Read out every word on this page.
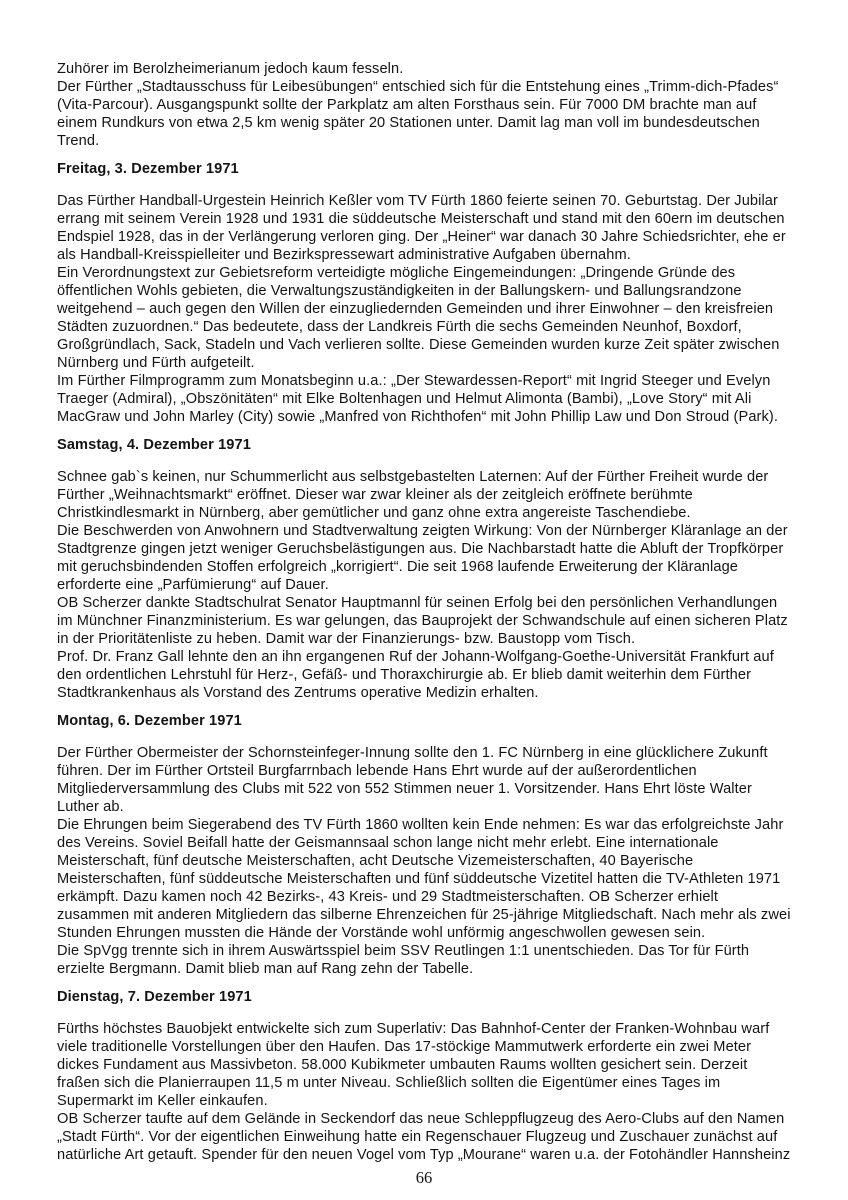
Zuhörer im Berolzheimerianum jedoch kaum fesseln.

Der Fürther „Stadtausschuss für Leibesübungen“ entschied sich für die Entstehung eines „Trimm-dich-Pfades“ (Vita-Parcour). Ausgangspunkt sollte der Parkplatz am alten Forsthaus sein. Für 7000 DM brachte man auf einem Rundkurs von etwa 2,5 km wenig später 20 Stationen unter. Damit lag man voll im bundesdeutschen Trend.

Freitag, 3. Dezember 1971

Das Fürther Handball-Urgestein Heinrich Keßler vom TV Fürth 1860 feierte seinen 70. Geburtstag. Der Jubilar errang mit seinem Verein 1928 und 1931 die süddeutsche Meisterschaft und stand mit den 60ern im deutschen Endspiel 1928, das in der Verlängerung verloren ging. Der „Heiner“ war danach 30 Jahre Schiedsrichter, ehe er als Handball-Kreisspielleiter und Bezirkspressewart administrative Aufgaben übernahm.

Ein Verordnungstext zur Gebietsreform verteidigte mögliche Eingemeindungen: „Dringende Gründe des öffentlichen Wohls gebieten, die Verwaltungszuständigkeiten in der Ballungskern- und Ballungsrandzone weitgehend – auch gegen den Willen der einzugliedernden Gemeinden und ihrer Einwohner – den kreisfreien Städten zuzuordnen.“ Das bedeutete, dass der Landkreis Fürth die sechs Gemeinden Neunhof, Boxdorf, Großgründlach, Sack, Stadeln und Vach verlieren sollte. Diese Gemeinden wurden kurze Zeit später zwischen Nürnberg und Fürth aufgeteilt.

Im Fürther Filmprogramm zum Monatsbeginn u.a.: „Der Stewardessen-Report“ mit Ingrid Steeger und Evelyn Traeger (Admiral), „Obszönitäten“ mit Elke Boltenhagen und Helmut Alimonta (Bambi), „Love Story“ mit Ali MacGraw und John Marley (City) sowie „Manfred von Richthofen“ mit John Phillip Law und Don Stroud (Park).

Samstag, 4. Dezember 1971

Schnee gab`s keinen, nur Schummerlicht aus selbstgebastelten Laternen: Auf der Fürther Freiheit wurde der Fürther „Weihnachtsmarkt“ eröffnet. Dieser war zwar kleiner als der zeitgleich eröffnete berühmte Christkindlesmarkt in Nürnberg, aber gemütlicher und ganz ohne extra angereiste Taschendiebe.

Die Beschwerden von Anwohnern und Stadtverwaltung zeigten Wirkung: Von der Nürnberger Kläranlage an der Stadtgrenze gingen jetzt weniger Geruchsbelästigungen aus. Die Nachbarstadt hatte die Abluft der Tropfkörper mit geruchsbindenden Stoffen erfolgreich „korrigiert“. Die seit 1968 laufende Erweiterung der Kläranlage erforderte eine „Parfümierung“ auf Dauer.

OB Scherzer dankte Stadtschulrat Senator Hauptmannl für seinen Erfolg bei den persönlichen Verhandlungen im Münchner Finanzministerium. Es war gelungen, das Bauprojekt der Schwandschule auf einen sicheren Platz in der Prioritätenliste zu heben. Damit war der Finanzierungs- bzw. Baustopp vom Tisch.

Prof. Dr. Franz Gall lehnte den an ihn ergangenen Ruf der Johann-Wolfgang-Goethe-Universität Frankfurt auf den ordentlichen Lehrstuhl für Herz-, Gefäß- und Thoraxchirurgie ab. Er blieb damit weiterhin dem Fürther Stadtkrankenhaus als Vorstand des Zentrums operative Medizin erhalten.

Montag, 6. Dezember 1971

Der Fürther Obermeister der Schornsteinfeger-Innung sollte den 1. FC Nürnberg in eine glücklichere Zukunft führen. Der im Fürther Ortsteil Burgfarrnbach lebende Hans Ehrt wurde auf der außerordentlichen Mitgliederversammlung des Clubs mit 522 von 552 Stimmen neuer 1. Vorsitzender. Hans Ehrt löste Walter Luther ab.

Die Ehrungen beim Siegerabend des TV Fürth 1860 wollten kein Ende nehmen: Es war das erfolgreichste Jahr des Vereins. Soviel Beifall hatte der Geismannsaal schon lange nicht mehr erlebt. Eine internationale Meisterschaft, fünf deutsche Meisterschaften, acht Deutsche Vizemeisterschaften, 40 Bayerische Meisterschaften, fünf süddeutsche Meisterschaften und fünf süddeutsche Vizetitel hatten die TV-Athleten 1971 erkämpft. Dazu kamen noch 42 Bezirks-, 43 Kreis- und 29 Stadtmeisterschaften. OB Scherzer erhielt zusammen mit anderen Mitgliedern das silberne Ehrenzeichen für 25-jährige Mitgliedschaft. Nach mehr als zwei Stunden Ehrungen mussten die Hände der Vorstände wohl unförmig angeschwollen gewesen sein.

Die SpVgg trennte sich in ihrem Auswärtsspiel beim SSV Reutlingen 1:1 unentschieden. Das Tor für Fürth erzielte Bergmann. Damit blieb man auf Rang zehn der Tabelle.

Dienstag, 7. Dezember 1971

Fürths höchstes Bauobjekt entwickelte sich zum Superlativ: Das Bahnhof-Center der Franken-Wohnbau warf viele traditionelle Vorstellungen über den Haufen. Das 17-stöckige Mammutwerk erforderte ein zwei Meter dickes Fundament aus Massivbeton. 58.000 Kubikmeter umbauten Raums wollten gesichert sein. Derzeit fraßen sich die Planierraupen 11,5 m unter Niveau. Schließlich sollten die Eigentümer eines Tages im Supermarkt im Keller einkaufen.

OB Scherzer taufte auf dem Gelände in Seckendorf das neue Schleppflugzeug des Aero-Clubs auf den Namen „Stadt Fürth“. Vor der eigentlichen Einweihung hatte ein Regenschauer Flugzeug und Zuschauer zunächst auf natürliche Art getauft. Spender für den neuen Vogel vom Typ „Mourane“ waren u.a. der Fotohändler Hannsheinz

66
